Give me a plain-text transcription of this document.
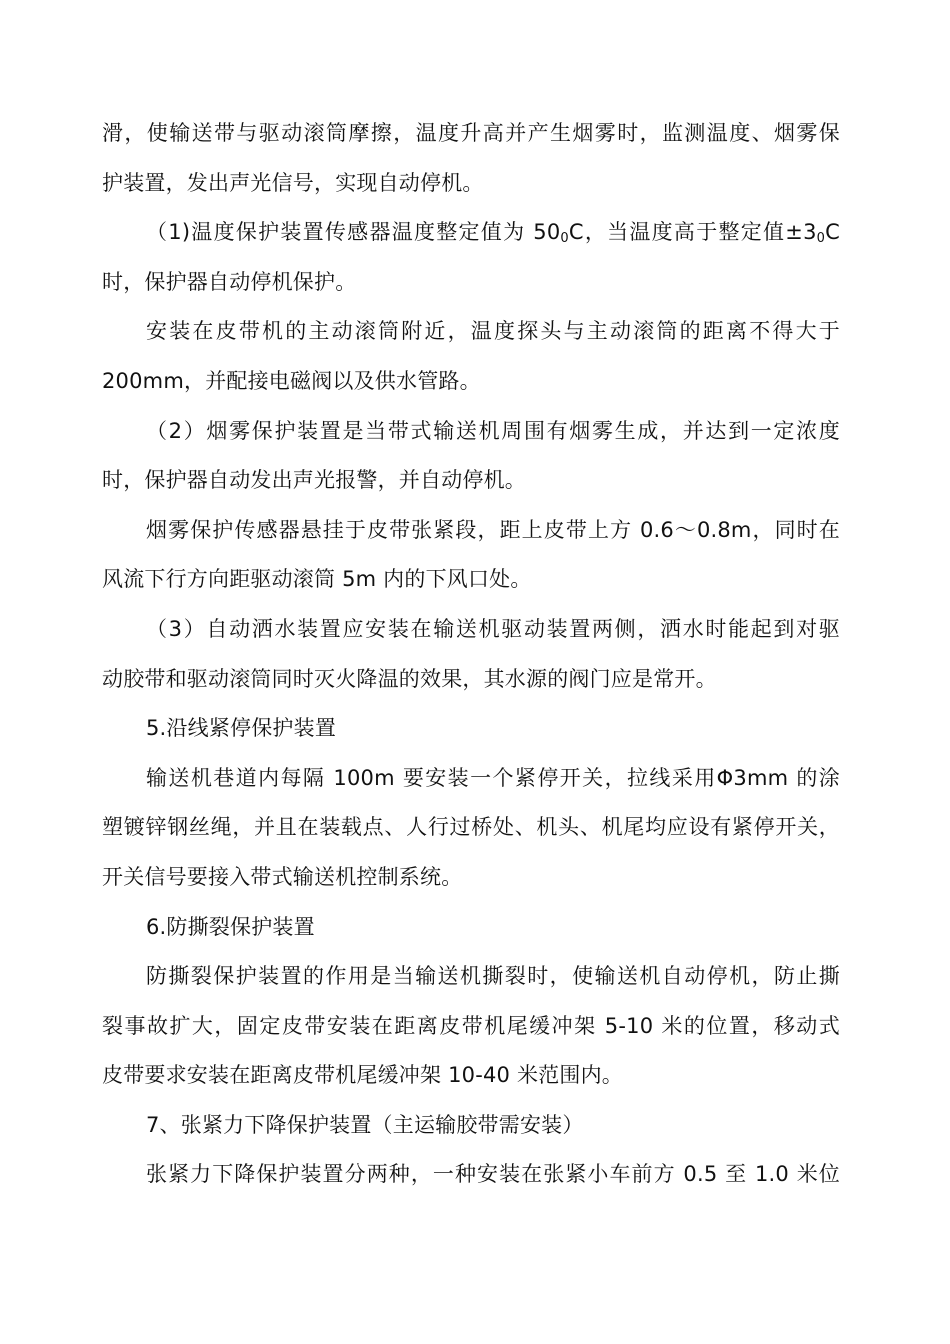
滑，使输送带与驱动滚筒摩擦，温度升高并产生烟雾时，监测温度、烟雾保
护装置，发出声光信号，实现自动停机。
（1)温度保护装置传感器温度整定值为 $50_0C$，当温度高于整定值$\pm 3_0C$
时，保护器自动停机保护。
安装在皮带机的主动滚筒附近，温度探头与主动滚筒的距离不得大于
200mm，并配接电磁阀以及供水管路。
（2）烟雾保护装置是当带式输送机周围有烟雾生成，并达到一定浓度
时，保护器自动发出声光报警，并自动停机。
烟雾保护传感器悬挂于皮带张紧段，距上皮带上方 0.6～0.8m，同时在
风流下行方向距驱动滚筒 5m 内的下风口处。
（3）自动洒水装置应安装在输送机驱动装置两侧，洒水时能起到对驱
动胶带和驱动滚筒同时灭火降温的效果，其水源的阀门应是常开。
5.沿线紧停保护装置
输送机巷道内每隔 100m 要安装一个紧停开关，拉线采用Φ3mm 的涂
塑镀锌钢丝绳，并且在装载点、人行过桥处、机头、机尾均应设有紧停开关，
开关信号要接入带式输送机控制系统。
6.防撕裂保护装置
防撕裂保护装置的作用是当输送机撕裂时，使输送机自动停机，防止撕
裂事故扩大，固定皮带安装在距离皮带机尾缓冲架 5-10 米的位置，移动式
皮带要求安装在距离皮带机尾缓冲架 10-40 米范围内。
7、张紧力下降保护装置（主运输胶带需安装）
张紧力下降保护装置分两种，一种安装在张紧小车前方 0.5 至 1.0 米位
